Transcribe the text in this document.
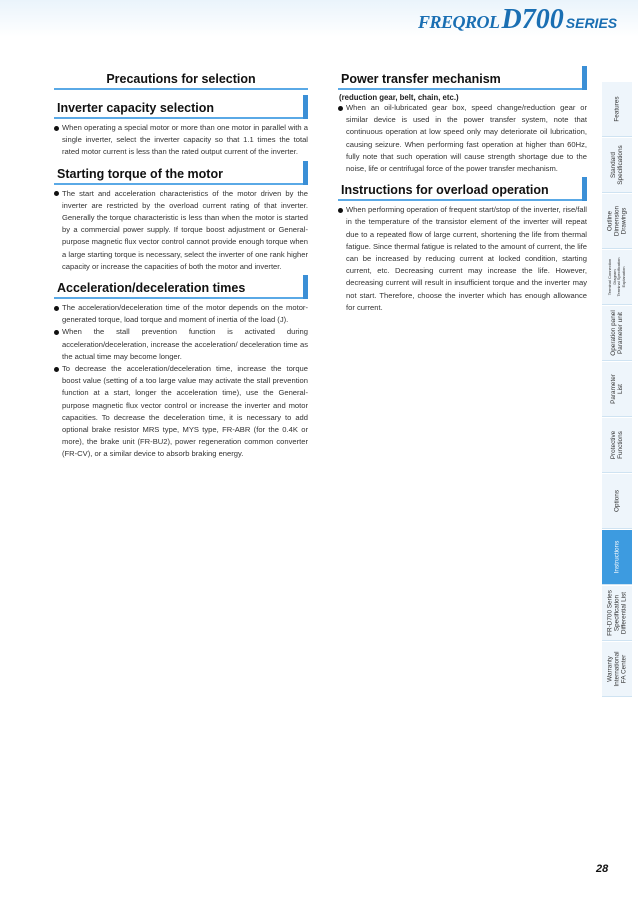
FREQROL D700 SERIES
Precautions for selection
Inverter capacity selection
When operating a special motor or more than one motor in parallel with a single inverter, select the inverter capacity so that 1.1 times the total rated motor current is less than the rated output current of the inverter.
Starting torque of the motor
The start and acceleration characteristics of the motor driven by the inverter are restricted by the overload current rating of that inverter. Generally the torque characteristic is less than when the motor is started by a commercial power supply. If torque boost adjustment or General-purpose magnetic flux vector control cannot provide enough torque when a large starting torque is necessary, select the inverter of one rank higher capacity or increase the capacities of both the motor and inverter.
Acceleration/deceleration times
The acceleration/deceleration time of the motor depends on the motor-generated torque, load torque and moment of inertia of the load (J).
When the stall prevention function is activated during acceleration/deceleration, increase the acceleration/ deceleration time as the actual time may become longer.
To decrease the acceleration/deceleration time, increase the torque boost value (setting of a too large value may activate the stall prevention function at a start, longer the acceleration time), use the General-purpose magnetic flux vector control or increase the inverter and motor capacities. To decrease the deceleration time, it is necessary to add optional brake resistor MRS type, MYS type, FR-ABR (for the 0.4K or more), the brake unit (FR-BU2), power regeneration common converter (FR-CV), or a similar device to absorb braking energy.
Power transfer mechanism
(reduction gear, belt, chain, etc.)
When an oil-lubricated gear box, speed change/reduction gear or similar device is used in the power transfer system, note that continuous operation at low speed only may deteriorate oil lubrication, causing seizure. When performing fast operation at higher than 60Hz, fully note that such operation will cause strength shortage due to the noise, life or centrifugal force of the power transfer mechanism.
Instructions for overload operation
When performing operation of frequent start/stop of the inverter, rise/fall in the temperature of the transistor element of the inverter will repeat due to a repeated flow of large current, shortening the life from thermal fatigue. Since thermal fatigue is related to the amount of current, the life can be increased by reducing current at locked condition, starting current, etc. Decreasing current may increase the life. However, decreasing current will result in insufficient torque and the inverter may not start. Therefore, choose the inverter which has enough allowance for current.
Features
Standard
Specifications
Outline
Dimension
Drawings
Terminal Connection
Diagram
Terminal Specification
Explanation
Operation panel
Parameter unit
Parameter
List
Protective
Functions
Options
Instructions
FR-D700 Series
Specification
Differential List
Warranty
International
FA Center
28
